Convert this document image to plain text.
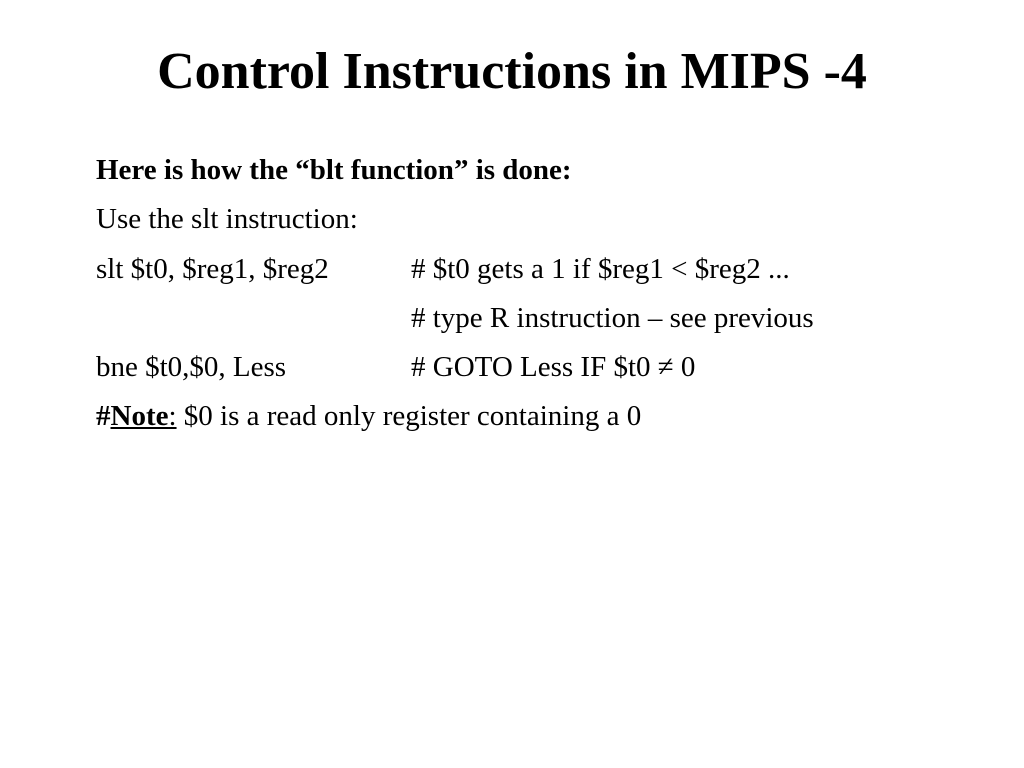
Control Instructions in MIPS -4
Here is how the “blt function” is done:
Use the slt instruction:
slt $t0, $reg1, $reg2	# $t0 gets a 1 if $reg1 < $reg2 ...
# type R instruction – see previous
bne $t0,$0, Less	# GOTO Less IF $t0 ≠ 0
#Note: $0 is a read only register containing a 0
